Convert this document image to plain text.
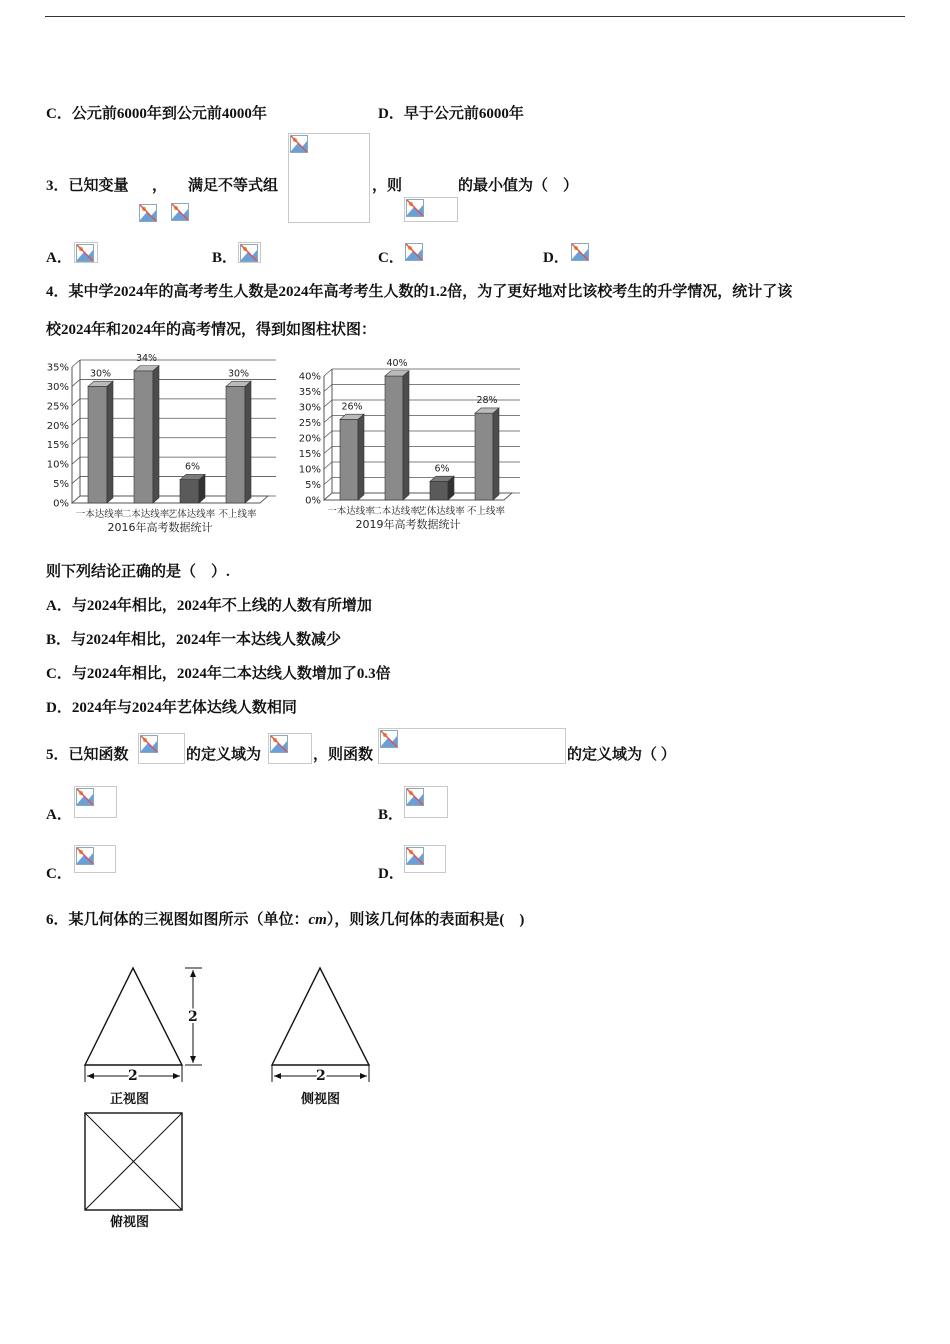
C．公元前6000年到公元前4000年	D．早于公元前6000年
3．已知变量 ， 满足不等式组	，则	的最小值为（　）
A．	B．	C．	D．
4．某中学2024年的高考考生人数是2024年高考考生人数的1.2倍，为了更好地对比该校考生的升学情况，统计了该
校2024年和2024年的高考情况，得到如图柱状图：
0%
5%
10%
15%
20%
25%
30%
35%
30%
一本达线率
34%
二本达线率
6%
艺体达线率
30%
不上线率
2016年高考数据统计
0%
5%
10%
15%
20%
25%
30%
35%
40%
26%
一本达线率
40%
二本达线率
6%
艺体达线率
28%
不上线率
2019年高考数据统计
则下列结论正确的是（　）.
A．与2024年相比，2024年不上线的人数有所增加
B．与2024年相比，2024年一本达线人数减少
C．与2024年相比，2024年二本达线人数增加了0.3倍
D．2024年与2024年艺体达线人数相同
5．已知函数	的定义域为	，则函数	的定义域为（ ）
A．	B．
C．	D．
6．某几何体的三视图如图所示（单位：cm），则该几何体的表面积是(　)
2
2
正视图
2
侧视图
俯视图
